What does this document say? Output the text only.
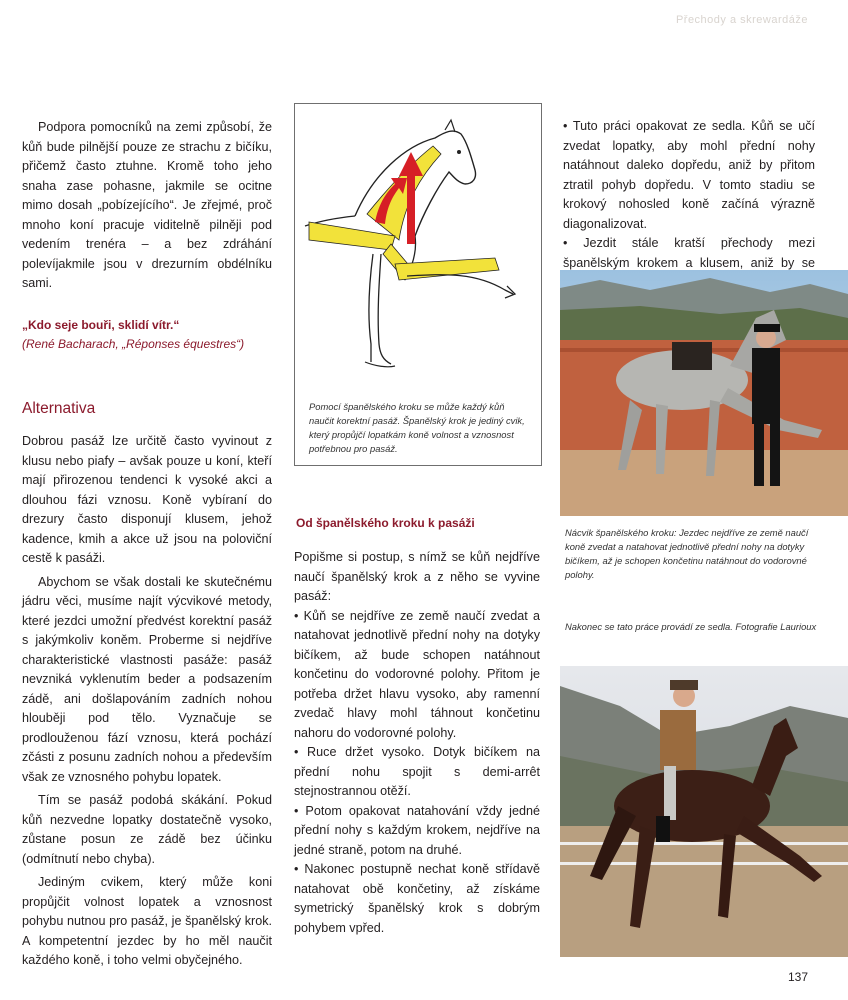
Přechody a skrewardáže

Podpora pomocníků na zemi způsobí, že kůň bude pilnější pouze ze strachu z bičíku, přičemž často ztuhne. Kromě toho jeho snaha zase pohasne, jakmile se ocitne mimo dosah „pobízejícího“. Je zřejmé, proč mnoho koní pracuje viditelně pilněji pod vedením trenéra – a bez zdráhání polevíjakmile jsou v drezurním obdélníku sami.

„Kdo seje bouři, sklidí vítr.“

(René Bacharach, „Réponses équestres“)

Alternativa

Dobrou pasáž lze určitě často vyvinout z klusu nebo piafy – avšak pouze u koní, kteří mají přirozenou tendenci k vysoké akci a dlouhou fázi vznosu. Koně vybíraní do drezury často disponují klusem, jehož kadence, kmih a akce už jsou na poloviční cestě k pasáži.

Abychom se však dostali ke skutečnému jádru věci, musíme najít výcvikové metody, které jezdci umožní předvést korektní pasáž s jakýmkoliv koněm. Proberme si nejdříve charakteristické vlastnosti pasáže: pasáž nevzniká vyklenutím beder a podsazením zádě, ani došlapováním zadních nohou hlouběji pod tělo. Vyznačuje se prodlouženou fází vznosu, která pochází zčásti z posunu zadních nohou a především však ze vznosného pohybu lopatek.

Tím se pasáž podobá skákání. Pokud kůň nezvedne lopatky dostatečně vysoko, zůstane posun ze zádě bez účinku (odmítnutí nebo chyba).

Jediným cvikem, který může koni propůjčit volnost lopatek a vznosnost pohybu nutnou pro pasáž, je španělský krok. A kompetentní jezdec by ho měl naučit každého koně, i toho velmi obyčejného.

Pomocí španělského kroku se může každý kůň naučit korektní pasáž. Španělský krok je jediný cvik, který propůjčí lopatkám koně volnost a vznosnost potřebnou pro pasáž.
Od španělského kroku k pasáži

Popišme si postup, s nímž se kůň nejdříve naučí španělský krok a z něho se vyvine pasáž:

• Kůň se nejdříve ze země naučí zvedat a natahovat jednotlivě přední nohy na dotyky bičíkem, až bude schopen natáhnout končetinu do vodorovné polohy. Přitom je potřeba držet hlavu vysoko, aby ramenní zvedač hlavy mohl táhnout končetinu nahoru do vodorovné polohy.

• Ruce držet vysoko. Dotyk bičíkem na přední nohu spojit s demi-arrêt stejnostrannou otěží.

• Potom opakovat natahování vždy jedné přední nohy s každým krokem, nejdříve na jedné straně, potom na druhé.

• Nakonec postupně nechat koně střídavě natahovat obě končetiny, až získáme symetrický španělský krok s dobrým pohybem vpřed.

• Tuto práci opakovat ze sedla. Kůň se učí zvedat lopatky, aby mohl přední nohy natáhnout daleko dopředu, aniž by přitom ztratil pohyb dopředu. V tomto stadiu se krokový nohosled koně začíná výrazně diagonalizovat.

• Jezdit stále kratší přechody mezi španělským krokem a klusem, aniž by se

Nácvik španělského kroku: Jezdec nejdříve ze země naučí koně zvedat a natahovat jednotlivě přední nohy na dotyky bičíkem, až je schopen končetinu natáhnout do vodorovné polohy.
Nakonec se tato práce provádí ze sedla. Fotografie Laurioux
137
